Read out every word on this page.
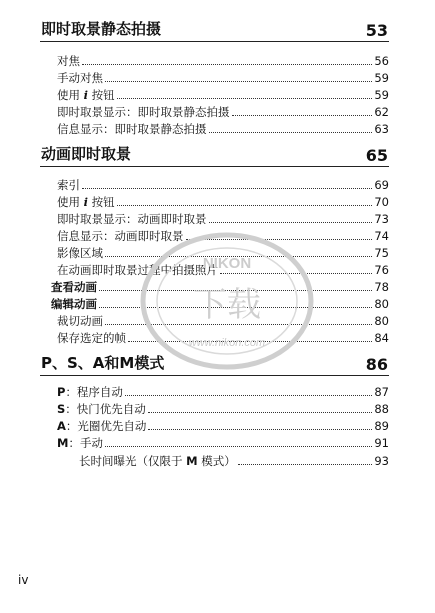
即时取景静态拍摄	53
对焦	56
手动对焦	59
使用 i 按钮	59
即时取景显示：即时取景静态拍摄	62
信息显示：即时取景静态拍摄	63
动画即时取景	65
索引	69
使用 i 按钮	70
即时取景显示：动画即时取景	73
信息显示：动画即时取景	74
影像区域	75
在动画即时取景过程中拍摄照片	76
查看动画	78
编辑动画	80
裁切动画	80
保存选定的帧	84
P、S、A和M模式	86
P：程序自动	87
S：快门优先自动	88
A：光圈优先自动	89
M：手动	91
长时间曝光（仅限于 M 模式）	93
NIKON
下载
www.nikon.com
iv
